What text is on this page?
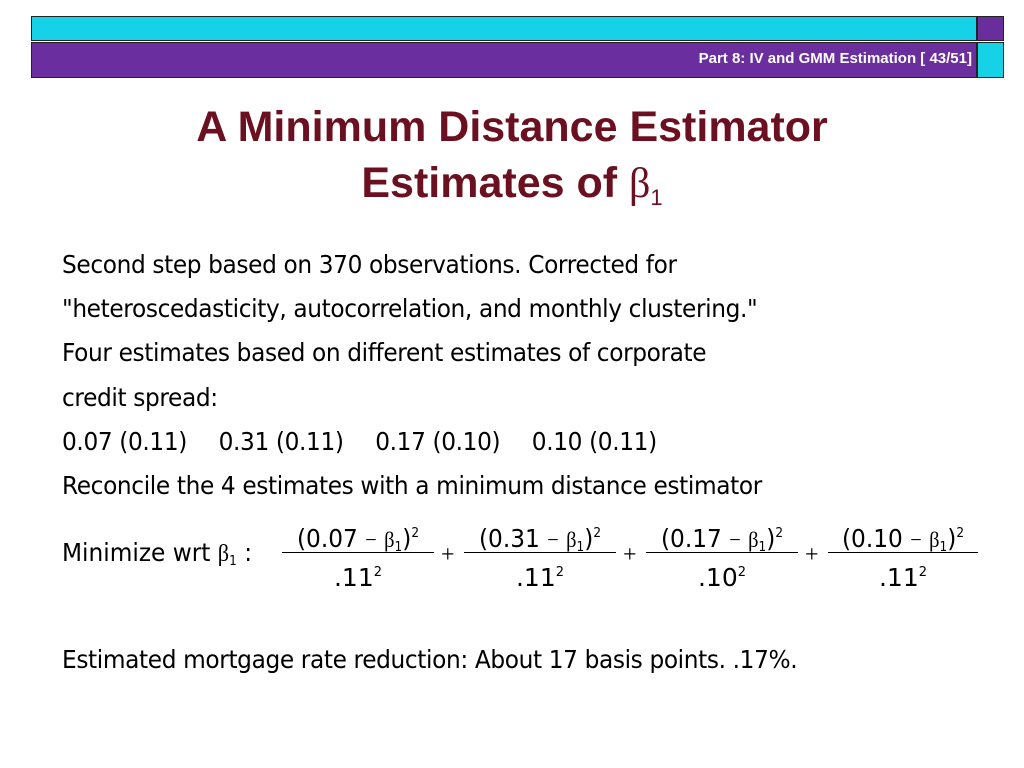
Part 8: IV and GMM Estimation [ 43/51]
A Minimum Distance Estimator
Estimates of $\beta_1$
Second step based on 370 observations. Corrected for
"heteroscedasticity, autocorrelation, and monthly clustering."
Four estimates based on different estimates of corporate
credit spread:
0.07 (0.11) 0.31 (0.11) 0.17 (0.10) 0.10 (0.11)
Reconcile the 4 estimates with a minimum distance estimator
Minimize wrt $\beta_1$ :	$(0.07 - \beta_1)^2$
$.11^2$
+
$(0.31 - \beta_1)^2$
$.11^2$
+
$(0.17 - \beta_1)^2$
$.10^2$
+
$(0.10 - \beta_1)^2$
$.11^2$
Estimated mortgage rate reduction: About 17 basis points. .17%.
